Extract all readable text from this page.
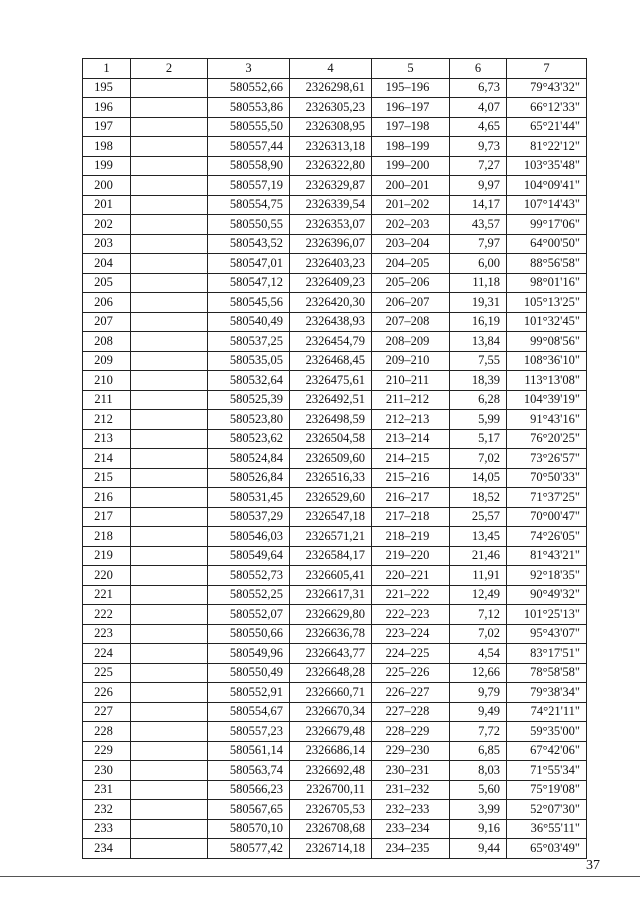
1	2	3	4	5	6	7
195		580552,66	2326298,61	195–196	6,73	79°43'32"
196		580553,86	2326305,23	196–197	4,07	66°12'33"
197		580555,50	2326308,95	197–198	4,65	65°21'44"
198		580557,44	2326313,18	198–199	9,73	81°22'12"
199		580558,90	2326322,80	199–200	7,27	103°35'48"
200		580557,19	2326329,87	200–201	9,97	104°09'41"
201		580554,75	2326339,54	201–202	14,17	107°14'43"
202		580550,55	2326353,07	202–203	43,57	99°17'06"
203		580543,52	2326396,07	203–204	7,97	64°00'50"
204		580547,01	2326403,23	204–205	6,00	88°56'58"
205		580547,12	2326409,23	205–206	11,18	98°01'16"
206		580545,56	2326420,30	206–207	19,31	105°13'25"
207		580540,49	2326438,93	207–208	16,19	101°32'45"
208		580537,25	2326454,79	208–209	13,84	99°08'56"
209		580535,05	2326468,45	209–210	7,55	108°36'10"
210		580532,64	2326475,61	210–211	18,39	113°13'08"
211		580525,39	2326492,51	211–212	6,28	104°39'19"
212		580523,80	2326498,59	212–213	5,99	91°43'16"
213		580523,62	2326504,58	213–214	5,17	76°20'25"
214		580524,84	2326509,60	214–215	7,02	73°26'57"
215		580526,84	2326516,33	215–216	14,05	70°50'33"
216		580531,45	2326529,60	216–217	18,52	71°37'25"
217		580537,29	2326547,18	217–218	25,57	70°00'47"
218		580546,03	2326571,21	218–219	13,45	74°26'05"
219		580549,64	2326584,17	219–220	21,46	81°43'21"
220		580552,73	2326605,41	220–221	11,91	92°18'35"
221		580552,25	2326617,31	221–222	12,49	90°49'32"
222		580552,07	2326629,80	222–223	7,12	101°25'13"
223		580550,66	2326636,78	223–224	7,02	95°43'07"
224		580549,96	2326643,77	224–225	4,54	83°17'51"
225		580550,49	2326648,28	225–226	12,66	78°58'58"
226		580552,91	2326660,71	226–227	9,79	79°38'34"
227		580554,67	2326670,34	227–228	9,49	74°21'11"
228		580557,23	2326679,48	228–229	7,72	59°35'00"
229		580561,14	2326686,14	229–230	6,85	67°42'06"
230		580563,74	2326692,48	230–231	8,03	71°55'34"
231		580566,23	2326700,11	231–232	5,60	75°19'08"
232		580567,65	2326705,53	232–233	3,99	52°07'30"
233		580570,10	2326708,68	233–234	9,16	36°55'11"
234		580577,42	2326714,18	234–235	9,44	65°03'49"
37
